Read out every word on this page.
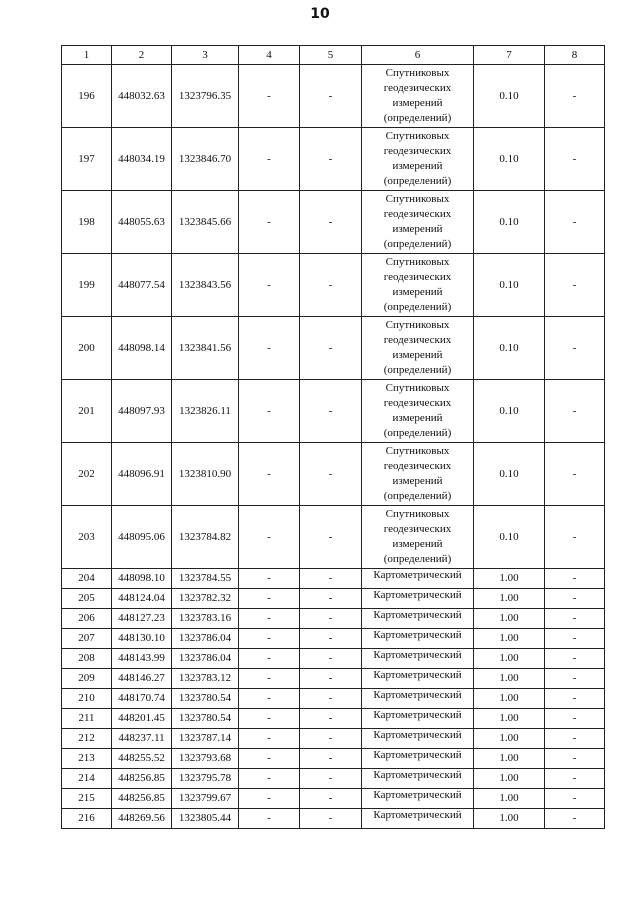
10
1	2	3	4	5	6	7	8
196	448032.63	1323796.35	-	-	Спутниковых геодезических измерений (определений)	0.10	-
197	448034.19	1323846.70	-	-	Спутниковых геодезических измерений (определений)	0.10	-
198	448055.63	1323845.66	-	-	Спутниковых геодезических измерений (определений)	0.10	-
199	448077.54	1323843.56	-	-	Спутниковых геодезических измерений (определений)	0.10	-
200	448098.14	1323841.56	-	-	Спутниковых геодезических измерений (определений)	0.10	-
201	448097.93	1323826.11	-	-	Спутниковых геодезических измерений (определений)	0.10	-
202	448096.91	1323810.90	-	-	Спутниковых геодезических измерений (определений)	0.10	-
203	448095.06	1323784.82	-	-	Спутниковых геодезических измерений (определений)	0.10	-
204	448098.10	1323784.55	-	-	Картометрический	1.00	-
205	448124.04	1323782.32	-	-	Картометрический	1.00	-
206	448127.23	1323783.16	-	-	Картометрический	1.00	-
207	448130.10	1323786.04	-	-	Картометрический	1.00	-
208	448143.99	1323786.04	-	-	Картометрический	1.00	-
209	448146.27	1323783.12	-	-	Картометрический	1.00	-
210	448170.74	1323780.54	-	-	Картометрический	1.00	-
211	448201.45	1323780.54	-	-	Картометрический	1.00	-
212	448237.11	1323787.14	-	-	Картометрический	1.00	-
213	448255.52	1323793.68	-	-	Картометрический	1.00	-
214	448256.85	1323795.78	-	-	Картометрический	1.00	-
215	448256.85	1323799.67	-	-	Картометрический	1.00	-
216	448269.56	1323805.44	-	-	Картометрический	1.00	-
